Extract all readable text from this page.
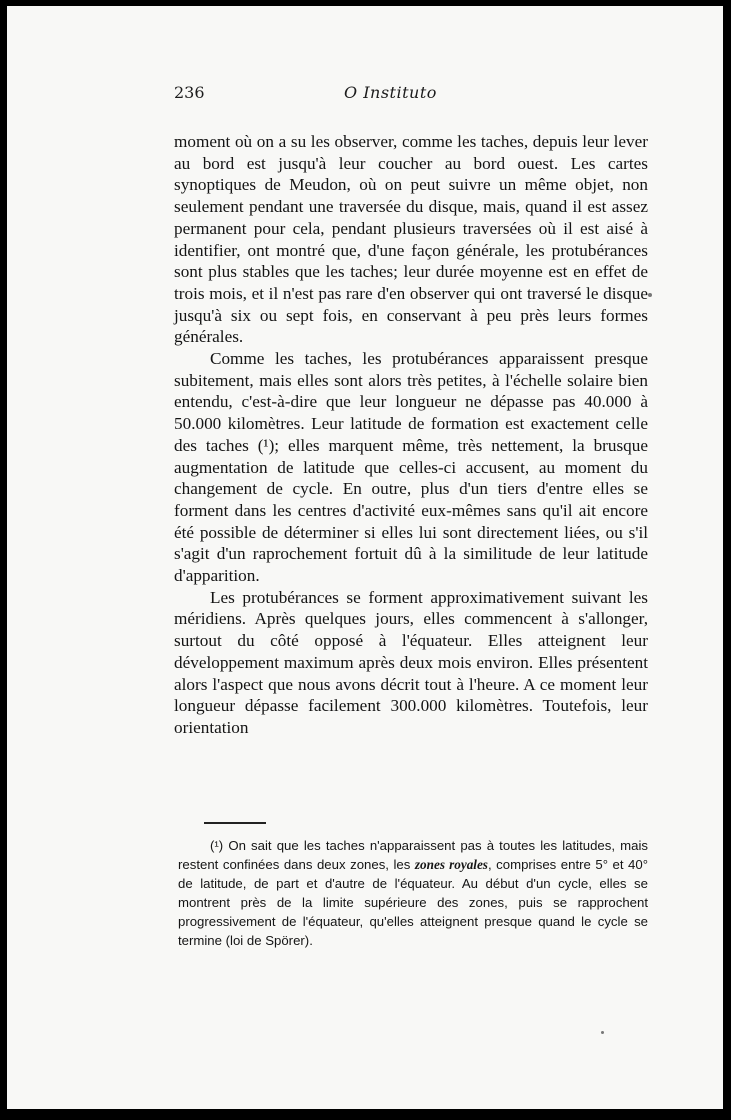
236	O Instituto

moment où on a su les observer, comme les taches, depuis leur lever au bord est jusqu'à leur coucher au bord ouest. Les cartes synoptiques de Meudon, où on peut suivre un même objet, non seulement pendant une traversée du disque, mais, quand il est assez permanent pour cela, pendant plusieurs traversées où il est aisé à identifier, ont montré que, d'une façon générale, les protubérances sont plus stables que les taches; leur durée moyenne est en effet de trois mois, et il n'est pas rare d'en observer qui ont traversé le disque jusqu'à six ou sept fois, en conservant à peu près leurs formes générales.

Comme les taches, les protubérances apparaissent presque subitement, mais elles sont alors très petites, à l'échelle solaire bien entendu, c'est-à-dire que leur longueur ne dépasse pas 40.000 à 50.000 kilomètres. Leur latitude de formation est exactement celle des taches (¹); elles marquent même, très nettement, la brusque augmentation de latitude que celles-ci accusent, au moment du changement de cycle. En outre, plus d'un tiers d'entre elles se forment dans les centres d'activité eux-mêmes sans qu'il ait encore été possible de déterminer si elles lui sont directement liées, ou s'il s'agit d'un raprochement fortuit dû à la similitude de leur latitude d'apparition.

Les protubérances se forment approximativement suivant les méridiens. Après quelques jours, elles commencent à s'allonger, surtout du côté opposé à l'équateur. Elles atteignent leur développement maximum après deux mois environ. Elles présentent alors l'aspect que nous avons décrit tout à l'heure. A ce moment leur longueur dépasse facilement 300.000 kilomètres. Toutefois, leur orientation

(¹) On sait que les taches n'apparaissent pas à toutes les latitudes, mais restent confinées dans deux zones, les zones royales, comprises entre 5° et 40° de latitude, de part et d'autre de l'équateur. Au début d'un cycle, elles se montrent près de la limite supérieure des zones, puis se rapprochent progressivement de l'équateur, qu'elles atteignent presque quand le cycle se termine (loi de Spörer).
